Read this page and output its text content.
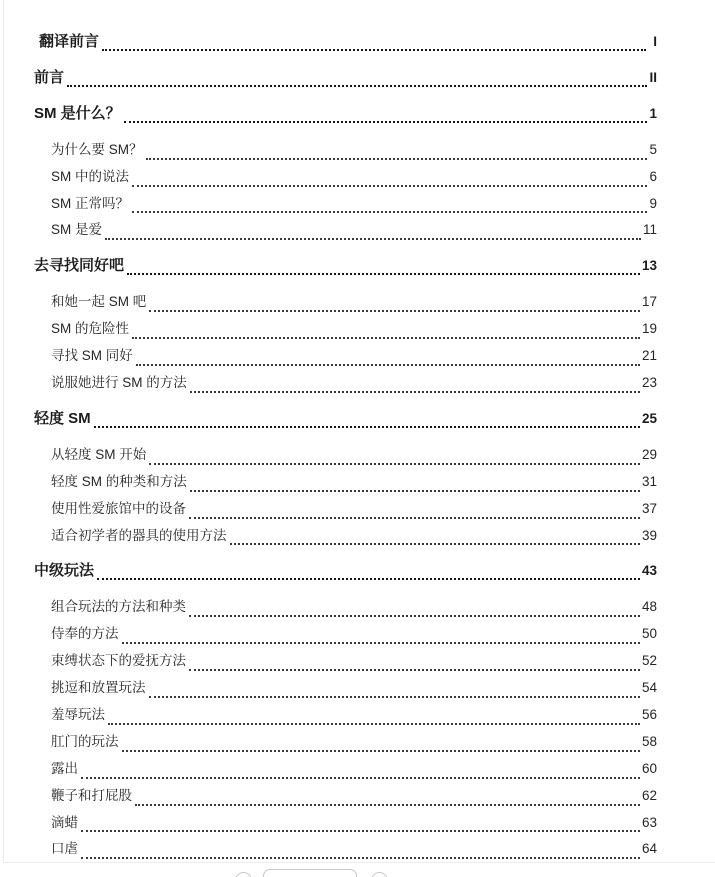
翻译前言	I
前言	II
SM 是什么？	1
为什么要 SM？	5
SM 中的说法	6
SM 正常吗？	9
SM 是爱	11
去寻找同好吧	13
和她一起 SM 吧	17
SM 的危险性	19
寻找 SM 同好	21
说服她进行 SM 的方法	23
轻度 SM	25
从轻度 SM 开始	29
轻度 SM 的种类和方法	31
使用性爱旅馆中的设备	37
适合初学者的器具的使用方法	39
中级玩法	43
组合玩法的方法和种类	48
侍奉的方法	50
束缚状态下的爱抚方法	52
挑逗和放置玩法	54
羞辱玩法	56
肛门的玩法	58
露出	60
鞭子和打屁股	62
滴蜡	63
口虐	64
